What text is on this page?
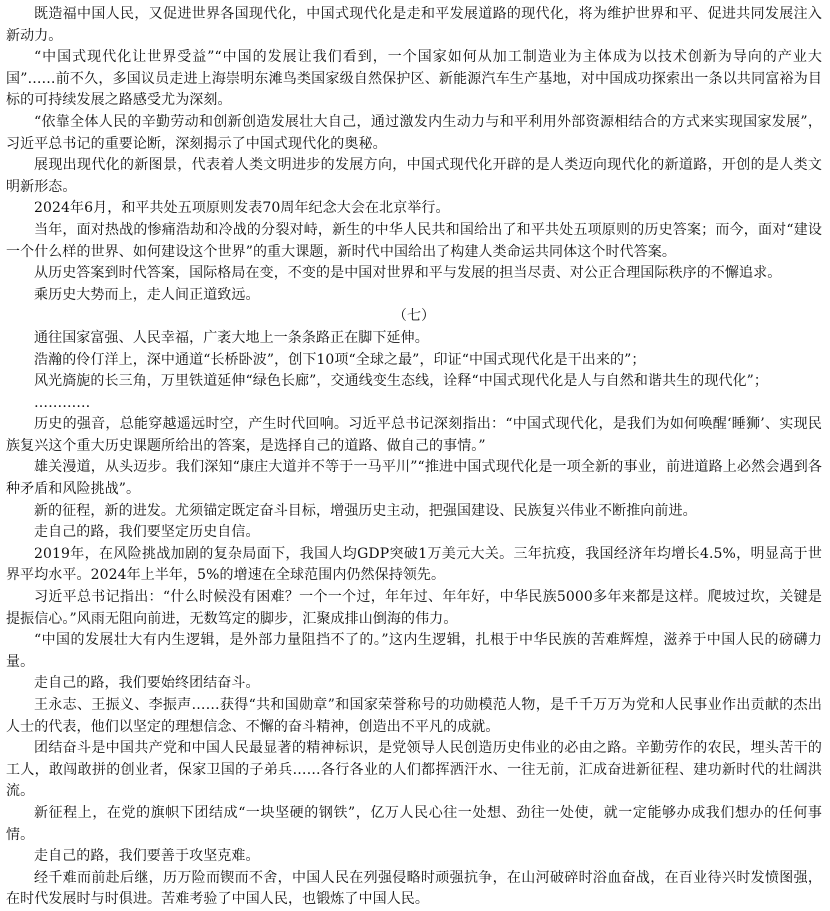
既造福中国人民，又促进世界各国现代化，中国式现代化是走和平发展道路的现代化，将为维护世界和平、促进共同发展注入新动力。

“中国式现代化让世界受益”“中国的发展让我们看到，一个国家如何从加工制造业为主体成为以技术创新为导向的产业大国”……前不久，多国议员走进上海崇明东滩鸟类国家级自然保护区、新能源汽车生产基地，对中国成功探索出一条以共同富裕为目标的可持续发展之路感受尤为深刻。

“依靠全体人民的辛勤劳动和创新创造发展壮大自己，通过激发内生动力与和平利用外部资源相结合的方式来实现国家发展”，习近平总书记的重要论断，深刻揭示了中国式现代化的奥秘。

展现出现代化的新图景，代表着人类文明进步的发展方向，中国式现代化开辟的是人类迈向现代化的新道路，开创的是人类文明新形态。

2024年6月，和平共处五项原则发表70周年纪念大会在北京举行。

当年，面对热战的惨痛浩劫和冷战的分裂对峙，新生的中华人民共和国给出了和平共处五项原则的历史答案；而今，面对“建设一个什么样的世界、如何建设这个世界”的重大课题，新时代中国给出了构建人类命运共同体这个时代答案。

从历史答案到时代答案，国际格局在变，不变的是中国对世界和平与发展的担当尽责、对公正合理国际秩序的不懈追求。

乘历史大势而上，走人间正道致远。

（七）

通往国家富强、人民幸福，广袤大地上一条条路正在脚下延伸。

浩瀚的伶仃洋上，深中通道“长桥卧波”，创下10项“全球之最”，印证“中国式现代化是干出来的”；

风光旖旎的长三角，万里铁道延伸“绿色长廊”，交通线变生态线，诠释“中国式现代化是人与自然和谐共生的现代化”；

…………

历史的强音，总能穿越遥远时空，产生时代回响。习近平总书记深刻指出：“中国式现代化，是我们为如何唤醒‘睡狮’、实现民族复兴这个重大历史课题所给出的答案，是选择自己的道路、做自己的事情。”

雄关漫道，从头迈步。我们深知“康庄大道并不等于一马平川”“推进中国式现代化是一项全新的事业，前进道路上必然会遇到各种矛盾和风险挑战”。

新的征程，新的进发。尤须锚定既定奋斗目标，增强历史主动，把强国建设、民族复兴伟业不断推向前进。

走自己的路，我们要坚定历史自信。

2019年，在风险挑战加剧的复杂局面下，我国人均GDP突破1万美元大关。三年抗疫，我国经济年均增长4.5%，明显高于世界平均水平。2024年上半年，5%的增速在全球范围内仍然保持领先。

习近平总书记指出：“什么时候没有困难？一个一个过，年年过、年年好，中华民族5000多年来都是这样。爬坡过坎，关键是提振信心。”风雨无阻向前进，无数笃定的脚步，汇聚成排山倒海的伟力。

“中国的发展壮大有内生逻辑，是外部力量阻挡不了的。”这内生逻辑，扎根于中华民族的苦难辉煌，滋养于中国人民的磅礴力量。

走自己的路，我们要始终团结奋斗。

王永志、王振义、李振声……获得“共和国勋章”和国家荣誉称号的功勋模范人物，是千千万万为党和人民事业作出贡献的杰出人士的代表，他们以坚定的理想信念、不懈的奋斗精神，创造出不平凡的成就。

团结奋斗是中国共产党和中国人民最显著的精神标识，是党领导人民创造历史伟业的必由之路。辛勤劳作的农民，埋头苦干的工人，敢闯敢拼的创业者，保家卫国的子弟兵……各行各业的人们都挥洒汗水、一往无前，汇成奋进新征程、建功新时代的壮阔洪流。

新征程上，在党的旗帜下团结成“一块坚硬的钢铁”，亿万人民心往一处想、劲往一处使，就一定能够办成我们想办的任何事情。

走自己的路，我们要善于攻坚克难。

经千难而前赴后继，历万险而锲而不舍，中国人民在列强侵略时顽强抗争，在山河破碎时浴血奋战，在百业待兴时发愤图强，在时代发展时与时俱进。苦难考验了中国人民，也锻炼了中国人民。
